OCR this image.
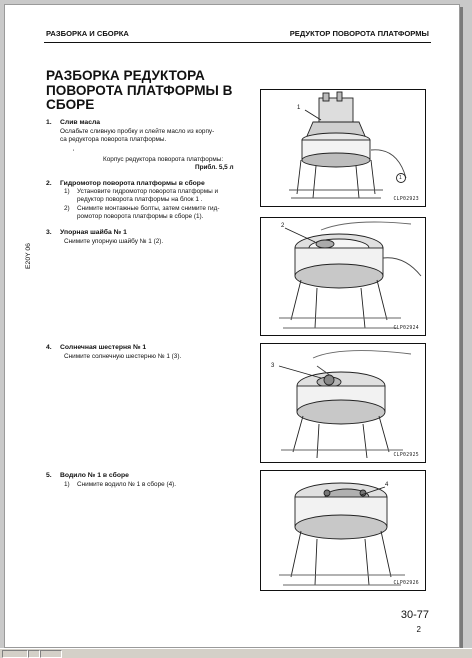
РАЗБОРКА И СБОРКА	РЕДУКТОР ПОВОРОТА ПЛАТФОРМЫ
РАЗБОРКА РЕДУКТОРА ПОВОРОТА ПЛАТФОРМЫ В СБОРЕ
E20Y 06
1. Слив масла
Ослабьте сливную пробку и слейте масло из корпу-
са редуктора поворота платформы.
'
Корпус редуктора поворота платформы:
Прибл. 5,5 л
2. Гидромотор поворота платформы в сборе
1) Установите гидромотор поворота платформы и
редуктор поворота платформы на блок 1 .
2) Снимите монтажные болты, затем снимите гид-
ромотор поворота платформы в сборе (1).
3. Упорная шайба № 1
Снимите упорную шайбу № 1 (2).
4. Солнечная шестерня № 1
Снимите солнечную шестерню № 1 (3).
5. Водило № 1 в сборе
1) Снимите водило № 1 в сборе (4).
1
1
CLP02923
2
CLP02924
3
CLP02925
4
CLP02926
30-77
2
